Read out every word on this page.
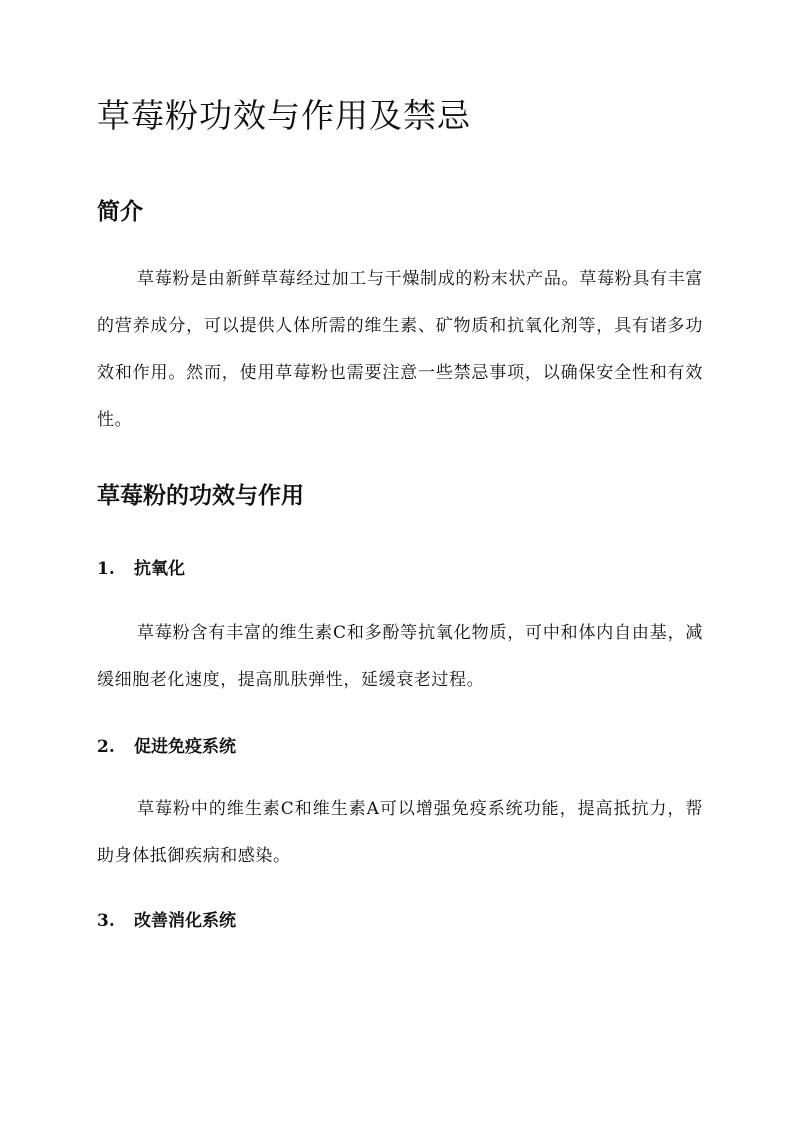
草莓粉功效与作用及禁忌
简介

草莓粉是由新鲜草莓经过加工与干燥制成的粉末状产品。草莓粉具有丰富的营养成分，可以提供人体所需的维生素、矿物质和抗氧化剂等，具有诸多功效和作用。然而，使用草莓粉也需要注意一些禁忌事项，以确保安全性和有效性。

草莓粉的功效与作用
1. 抗氧化

草莓粉含有丰富的维生素C和多酚等抗氧化物质，可中和体内自由基，减缓细胞老化速度，提高肌肤弹性，延缓衰老过程。

2. 促进免疫系统

草莓粉中的维生素C和维生素A可以增强免疫系统功能，提高抵抗力，帮助身体抵御疾病和感染。

3. 改善消化系统
